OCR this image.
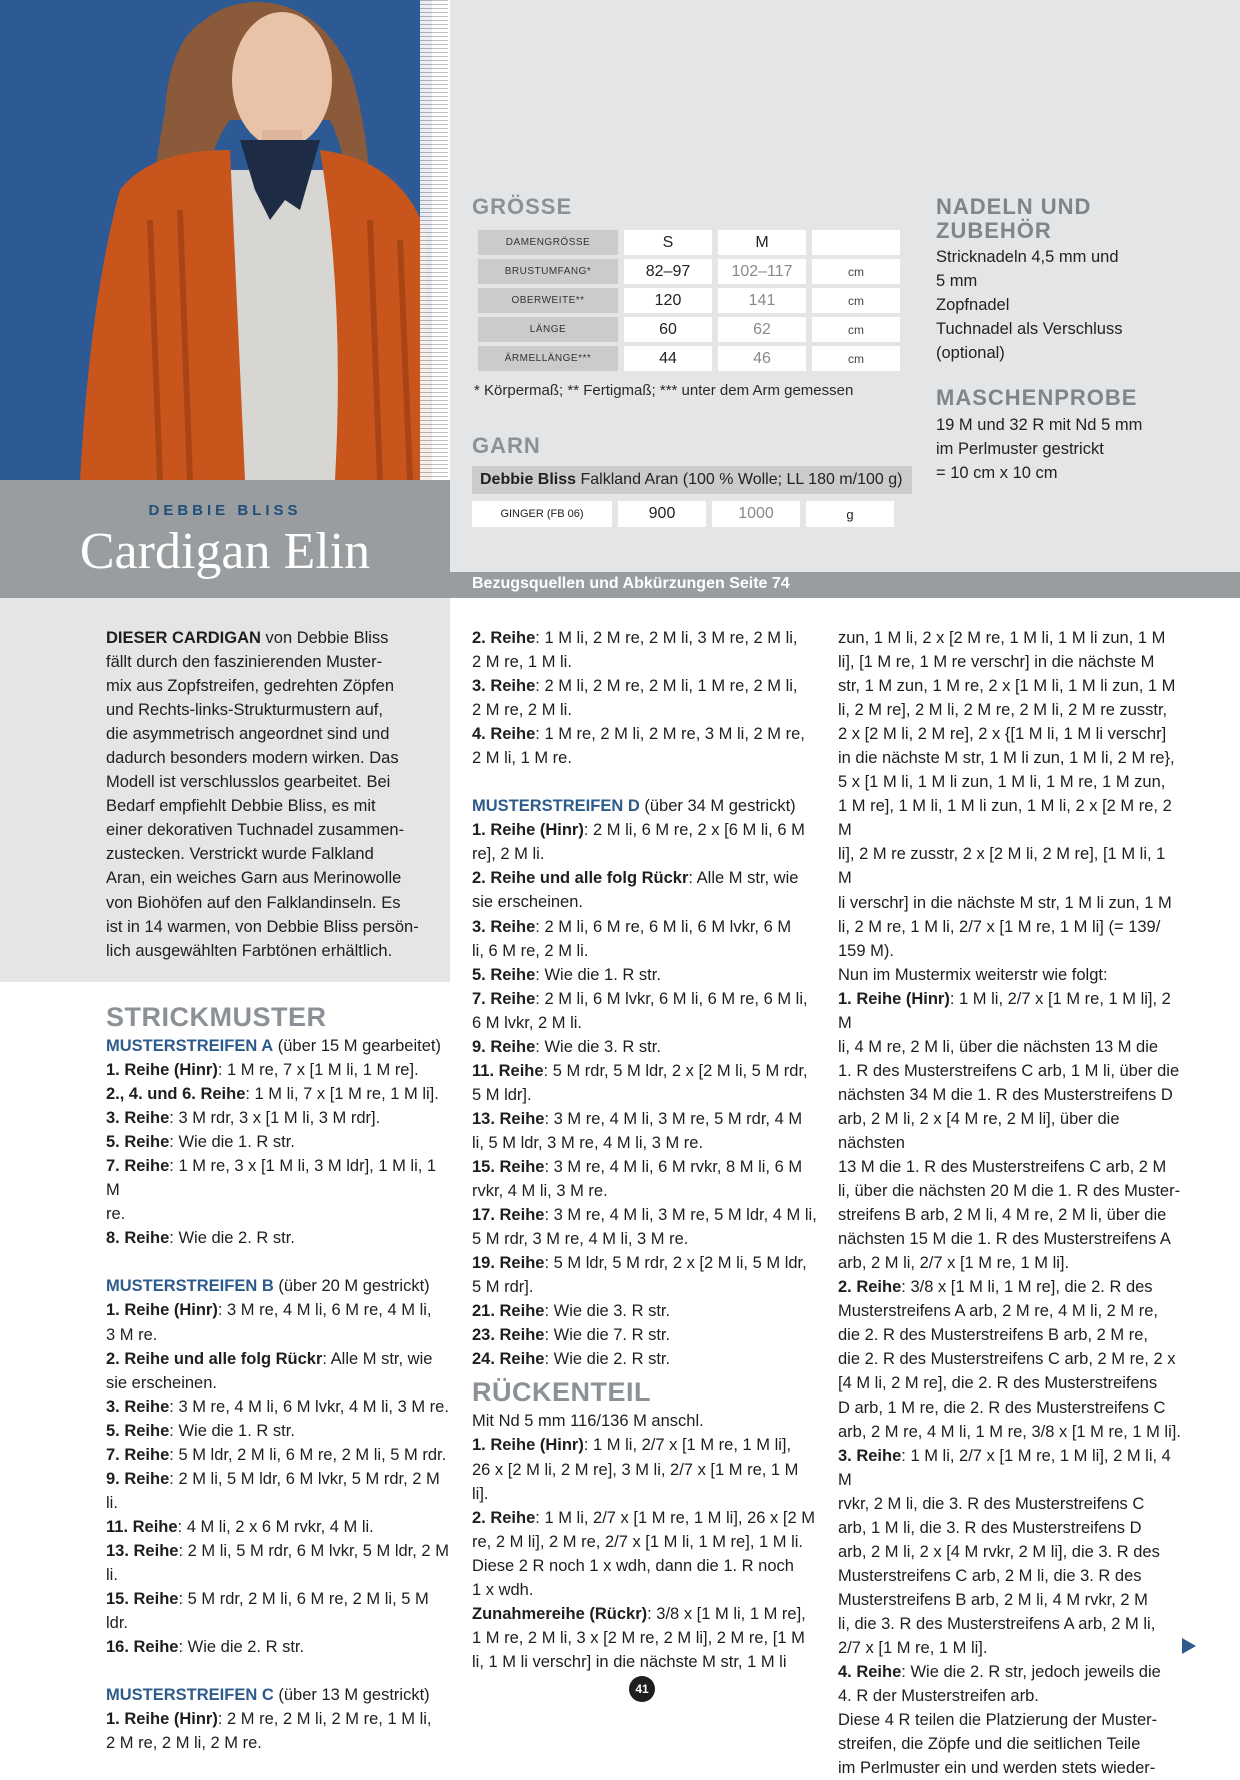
DEBBIE BLISS
Cardigan Elin
Bezugsquellen und Abkürzungen Seite 74
GRÖSSE
DAMENGRÖSSE	S	M	
BRUSTUMFANG*	82–97	102–117	cm
OBERWEITE**	120	141	cm
LÄNGE	60	62	cm
ÄRMELLÄNGE***	44	46	cm
* Körpermaß; ** Fertigmaß; *** unter dem Arm gemessen
GARN
Debbie Bliss Falkland Aran (100 % Wolle; LL 180 m/100 g)
GINGER (FB 06)	900	1000	g
NADELN UND
ZUBEHÖR
Stricknadeln 4,5 mm und
5 mm
Zopfnadel
Tuchnadel als Verschluss
(optional)
MASCHENPROBE
19 M und 32 R mit Nd 5 mm
im Perlmuster gestrickt
= 10 cm x 10 cm

DIESER CARDIGAN von Debbie Bliss

fällt durch den faszinierenden Muster-

mix aus Zopfstreifen, gedrehten Zöpfen

und Rechts-links-Strukturmustern auf,

die asymmetrisch angeordnet sind und

dadurch besonders modern wirken. Das

Modell ist verschlusslos gearbeitet. Bei

Bedarf empfiehlt Debbie Bliss, es mit

einer dekorativen Tuchnadel zusammen-

zustecken. Verstrickt wurde Falkland

Aran, ein weiches Garn aus Merinowolle

von Biohöfen auf den Falklandinseln. Es

ist in 14 warmen, von Debbie Bliss persön-

lich ausgewählten Farbtönen erhältlich.

STRICKMUSTER

MUSTERSTREIFEN A (über 15 M gearbeitet)

1. Reihe (Hinr): 1 M re, 7 x [1 M li, 1 M re].

2., 4. und 6. Reihe: 1 M li, 7 x [1 M re, 1 M li].

3. Reihe: 3 M rdr, 3 x [1 M li, 3 M rdr].

5. Reihe: Wie die 1. R str.

7. Reihe: 1 M re, 3 x [1 M li, 3 M ldr], 1 M li, 1 M

re.

8. Reihe: Wie die 2. R str.

MUSTERSTREIFEN B (über 20 M gestrickt)

1. Reihe (Hinr): 3 M re, 4 M li, 6 M re, 4 M li,

3 M re.

2. Reihe und alle folg Rückr: Alle M str, wie

sie erscheinen.

3. Reihe: 3 M re, 4 M li, 6 M lvkr, 4 M li, 3 M re.

5. Reihe: Wie die 1. R str.

7. Reihe: 5 M ldr, 2 M li, 6 M re, 2 M li, 5 M rdr.

9. Reihe: 2 M li, 5 M ldr, 6 M lvkr, 5 M rdr, 2 M li.

11. Reihe: 4 M li, 2 x 6 M rvkr, 4 M li.

13. Reihe: 2 M li, 5 M rdr, 6 M lvkr, 5 M ldr, 2 M li.

15. Reihe: 5 M rdr, 2 M li, 6 M re, 2 M li, 5 M ldr.

16. Reihe: Wie die 2. R str.

MUSTERSTREIFEN C (über 13 M gestrickt)

1. Reihe (Hinr): 2 M re, 2 M li, 2 M re, 1 M li,

2 M re, 2 M li, 2 M re.

2. Reihe: 1 M li, 2 M re, 2 M li, 3 M re, 2 M li,

2 M re, 1 M li.

3. Reihe: 2 M li, 2 M re, 2 M li, 1 M re, 2 M li,

2 M re, 2 M li.

4. Reihe: 1 M re, 2 M li, 2 M re, 3 M li, 2 M re,

2 M li, 1 M re.

MUSTERSTREIFEN D (über 34 M gestrickt)

1. Reihe (Hinr): 2 M li, 6 M re, 2 x [6 M li, 6 M

re], 2 M li.

2. Reihe und alle folg Rückr: Alle M str, wie

sie erscheinen.

3. Reihe: 2 M li, 6 M re, 6 M li, 6 M lvkr, 6 M

li, 6 M re, 2 M li.

5. Reihe: Wie die 1. R str.

7. Reihe: 2 M li, 6 M lvkr, 6 M li, 6 M re, 6 M li,

6 M lvkr, 2 M li.

9. Reihe: Wie die 3. R str.

11. Reihe: 5 M rdr, 5 M ldr, 2 x [2 M li, 5 M rdr,

5 M ldr].

13. Reihe: 3 M re, 4 M li, 3 M re, 5 M rdr, 4 M

li, 5 M ldr, 3 M re, 4 M li, 3 M re.

15. Reihe: 3 M re, 4 M li, 6 M rvkr, 8 M li, 6 M

rvkr, 4 M li, 3 M re.

17. Reihe: 3 M re, 4 M li, 3 M re, 5 M ldr, 4 M li,

5 M rdr, 3 M re, 4 M li, 3 M re.

19. Reihe: 5 M ldr, 5 M rdr, 2 x [2 M li, 5 M ldr,

5 M rdr].

21. Reihe: Wie die 3. R str.

23. Reihe: Wie die 7. R str.

24. Reihe: Wie die 2. R str.

RÜCKENTEIL

Mit Nd 5 mm 116/136 M anschl.

1. Reihe (Hinr): 1 M li, 2/7 x [1 M re, 1 M li],

26 x [2 M li, 2 M re], 3 M li, 2/7 x [1 M re, 1 M li].

2. Reihe: 1 M li, 2/7 x [1 M re, 1 M li], 26 x [2 M

re, 2 M li], 2 M re, 2/7 x [1 M li, 1 M re], 1 M li.

Diese 2 R noch 1 x wdh, dann die 1. R noch

1 x wdh.

Zunahmereihe (Rückr): 3/8 x [1 M li, 1 M re],

1 M re, 2 M li, 3 x [2 M re, 2 M li], 2 M re, [1 M

li, 1 M li verschr] in die nächste M str, 1 M li

zun, 1 M li, 2 x [2 M re, 1 M li, 1 M li zun, 1 M

li], [1 M re, 1 M re verschr] in die nächste M

str, 1 M zun, 1 M re, 2 x [1 M li, 1 M li zun, 1 M

li, 2 M re], 2 M li, 2 M re, 2 M li, 2 M re zusstr,

2 x [2 M li, 2 M re], 2 x {[1 M li, 1 M li verschr]

in die nächste M str, 1 M li zun, 1 M li, 2 M re},

5 x [1 M li, 1 M li zun, 1 M li, 1 M re, 1 M zun,

1 M re], 1 M li, 1 M li zun, 1 M li, 2 x [2 M re, 2 M

li], 2 M re zusstr, 2 x [2 M li, 2 M re], [1 M li, 1 M

li verschr] in die nächste M str, 1 M li zun, 1 M

li, 2 M re, 1 M li, 2/7 x [1 M re, 1 M li] (= 139/

159 M).

Nun im Mustermix weiterstr wie folgt:

1. Reihe (Hinr): 1 M li, 2/7 x [1 M re, 1 M li], 2 M

li, 4 M re, 2 M li, über die nächsten 13 M die

1. R des Musterstreifens C arb, 1 M li, über die

nächsten 34 M die 1. R des Musterstreifens D

arb, 2 M li, 2 x [4 M re, 2 M li], über die nächsten

13 M die 1. R des Musterstreifens C arb, 2 M

li, über die nächsten 20 M die 1. R des Muster-

streifens B arb, 2 M li, 4 M re, 2 M li, über die

nächsten 15 M die 1. R des Musterstreifens A

arb, 2 M li, 2/7 x [1 M re, 1 M li].

2. Reihe: 3/8 x [1 M li, 1 M re], die 2. R des

Musterstreifens A arb, 2 M re, 4 M li, 2 M re,

die 2. R des Musterstreifens B arb, 2 M re,

die 2. R des Musterstreifens C arb, 2 M re, 2 x

[4 M li, 2 M re], die 2. R des Musterstreifens

D arb, 1 M re, die 2. R des Musterstreifens C

arb, 2 M re, 4 M li, 1 M re, 3/8 x [1 M re, 1 M li].

3. Reihe: 1 M li, 2/7 x [1 M re, 1 M li], 2 M li, 4 M

rvkr, 2 M li, die 3. R des Musterstreifens C

arb, 1 M li, die 3. R des Musterstreifens D

arb, 2 M li, 2 x [4 M rvkr, 2 M li], die 3. R des

Musterstreifens C arb, 2 M li, die 3. R des

Musterstreifens B arb, 2 M li, 4 M rvkr, 2 M

li, die 3. R des Musterstreifens A arb, 2 M li,

2/7 x [1 M re, 1 M li].

4. Reihe: Wie die 2. R str, jedoch jeweils die

4. R der Musterstreifen arb.

Diese 4 R teilen die Platzierung der Muster-

streifen, die Zöpfe und die seitlichen Teile

im Perlmuster ein und werden stets wieder-

41
